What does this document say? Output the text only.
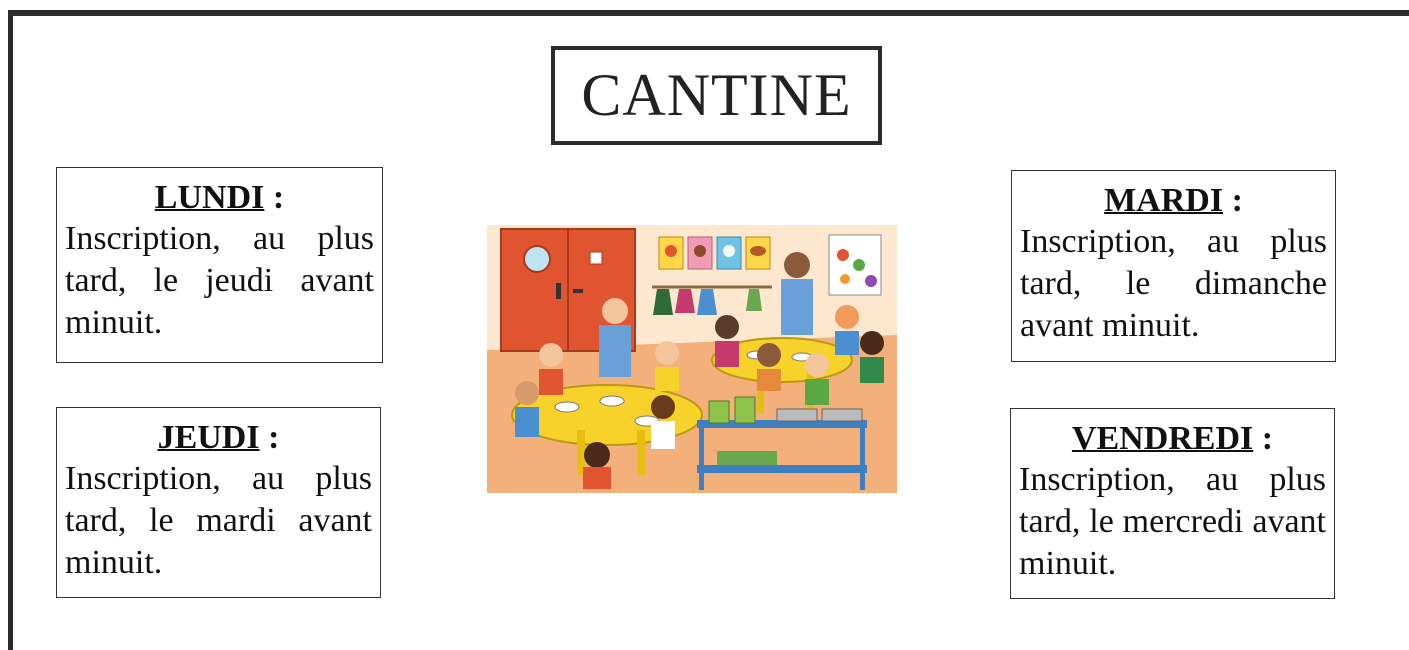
CANTINE
LUNDI :

Inscription, au plus tard, le jeudi avant minuit.

JEUDI :

Inscription, au plus tard, le mardi avant minuit.

MARDI :

Inscription, au plus tard, le dimanche avant minuit.

VENDREDI :

Inscription, au plus tard, le mercredi avant minuit.
